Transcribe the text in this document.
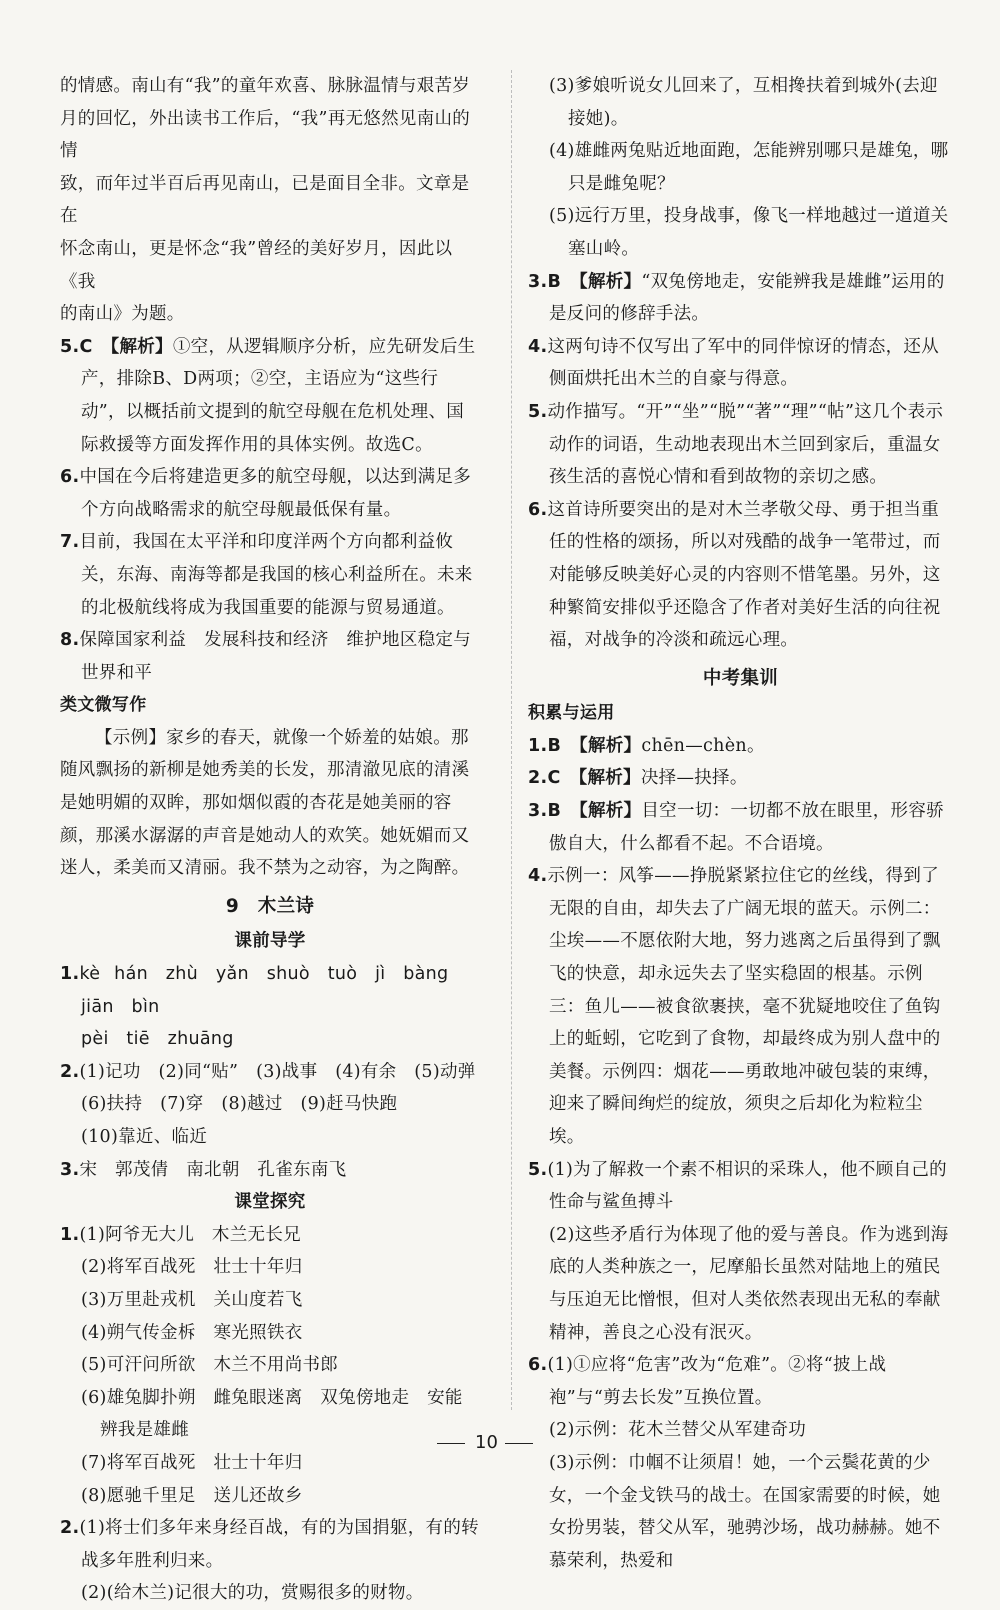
的情感。南山有“我”的童年欢喜、脉脉温情与艰苦岁

月的回忆，外出读书工作后，“我”再无悠然见南山的情

致，而年过半百后再见南山，已是面目全非。文章是在

怀念南山，更是怀念“我”曾经的美好岁月，因此以《我

的南山》为题。

5.C　 【解析】①空，从逻辑顺序分析，应先研发后生产，排除B、D两项；②空，主语应为“这些行动”，以概括前文提到的航空母舰在危机处理、国际救援等方面发挥作用的具体实例。故选C。

6.中国在今后将建造更多的航空母舰，以达到满足多个方向战略需求的航空母舰最低保有量。

7.目前，我国在太平洋和印度洋两个方向都利益攸关，东海、南海等都是我国的核心利益所在。未来的北极航线将成为我国重要的能源与贸易通道。

8.保障国家利益　发展科技和经济　维护地区稳定与世界和平

类文微写作

【示例】家乡的春天，就像一个娇羞的姑娘。那随风飘扬的新柳是她秀美的长发，那清澈见底的清溪是她明媚的双眸，那如烟似霞的杏花是她美丽的容颜，那溪水潺潺的声音是她动人的欢笑。她妩媚而又迷人，柔美而又清丽。我不禁为之动容，为之陶醉。

9　木兰诗

课前导学

1.kè hán　zhù　yǎn　shuò　tuò　jì　bàng　jiān　bìn

pèi　tiē　zhuāng

2.(1)记功　(2)同“贴”　(3)战事　(4)有余　(5)动弹

(6)扶持　(7)穿　(8)越过　(9)赶马快跑

(10)靠近、临近

3.宋　郭茂倩　南北朝　孔雀东南飞

课堂探究

1.(1)阿爷无大儿　木兰无长兄

(2)将军百战死　壮士十年归

(3)万里赴戎机　关山度若飞

(4)朔气传金柝　寒光照铁衣

(5)可汗问所欲　木兰不用尚书郎

(6)雄兔脚扑朔　雌兔眼迷离　双兔傍地走　安能辨我是雄雌

(7)将军百战死　壮士十年归

(8)愿驰千里足　送儿还故乡

2.(1)将士们多年来身经百战，有的为国捐躯，有的转战多年胜利归来。

(2)(给木兰)记很大的功，赏赐很多的财物。

(3)爹娘听说女儿回来了，互相搀扶着到城外(去迎接她)。

(4)雄雌两兔贴近地面跑，怎能辨别哪只是雄兔，哪只是雌兔呢？

(5)远行万里，投身战事，像飞一样地越过一道道关塞山岭。

3.B　 【解析】“双兔傍地走，安能辨我是雄雌”运用的是反问的修辞手法。

4.这两句诗不仅写出了军中的同伴惊讶的情态，还从侧面烘托出木兰的自豪与得意。

5.动作描写。“开”“坐”“脱”“著”“理”“帖”这几个表示动作的词语，生动地表现出木兰回到家后，重温女孩生活的喜悦心情和看到故物的亲切之感。

6.这首诗所要突出的是对木兰孝敬父母、勇于担当重任的性格的颂扬，所以对残酷的战争一笔带过，而对能够反映美好心灵的内容则不惜笔墨。另外，这种繁简安排似乎还隐含了作者对美好生活的向往祝福，对战争的冷淡和疏远心理。

中考集训

积累与运用

1.B　 【解析】chēn—chèn。

2.C　 【解析】决择—抉择。

3.B　 【解析】目空一切：一切都不放在眼里，形容骄傲自大，什么都看不起。不合语境。

4.示例一：风筝——挣脱紧紧拉住它的丝线，得到了无限的自由，却失去了广阔无垠的蓝天。示例二：尘埃——不愿依附大地，努力逃离之后虽得到了飘飞的快意，却永远失去了坚实稳固的根基。示例三：鱼儿——被食欲裹挟，毫不犹疑地咬住了鱼钩上的蚯蚓，它吃到了食物，却最终成为别人盘中的美餐。示例四：烟花——勇敢地冲破包装的束缚，迎来了瞬间绚烂的绽放，须臾之后却化为粒粒尘埃。

5.(1)为了解救一个素不相识的采珠人，他不顾自己的性命与鲨鱼搏斗

(2)这些矛盾行为体现了他的爱与善良。作为逃到海底的人类种族之一，尼摩船长虽然对陆地上的殖民与压迫无比憎恨，但对人类依然表现出无私的奉献精神，善良之心没有泯灭。

6.(1)①应将“危害”改为“危难”。②将“披上战袍”与“剪去长发”互换位置。

(2)示例：花木兰替父从军建奇功

(3)示例：巾帼不让须眉！她，一个云鬓花黄的少女，一个金戈铁马的战士。在国家需要的时候，她女扮男装，替父从军，驰骋沙场，战功赫赫。她不慕荣利，热爱和

10
